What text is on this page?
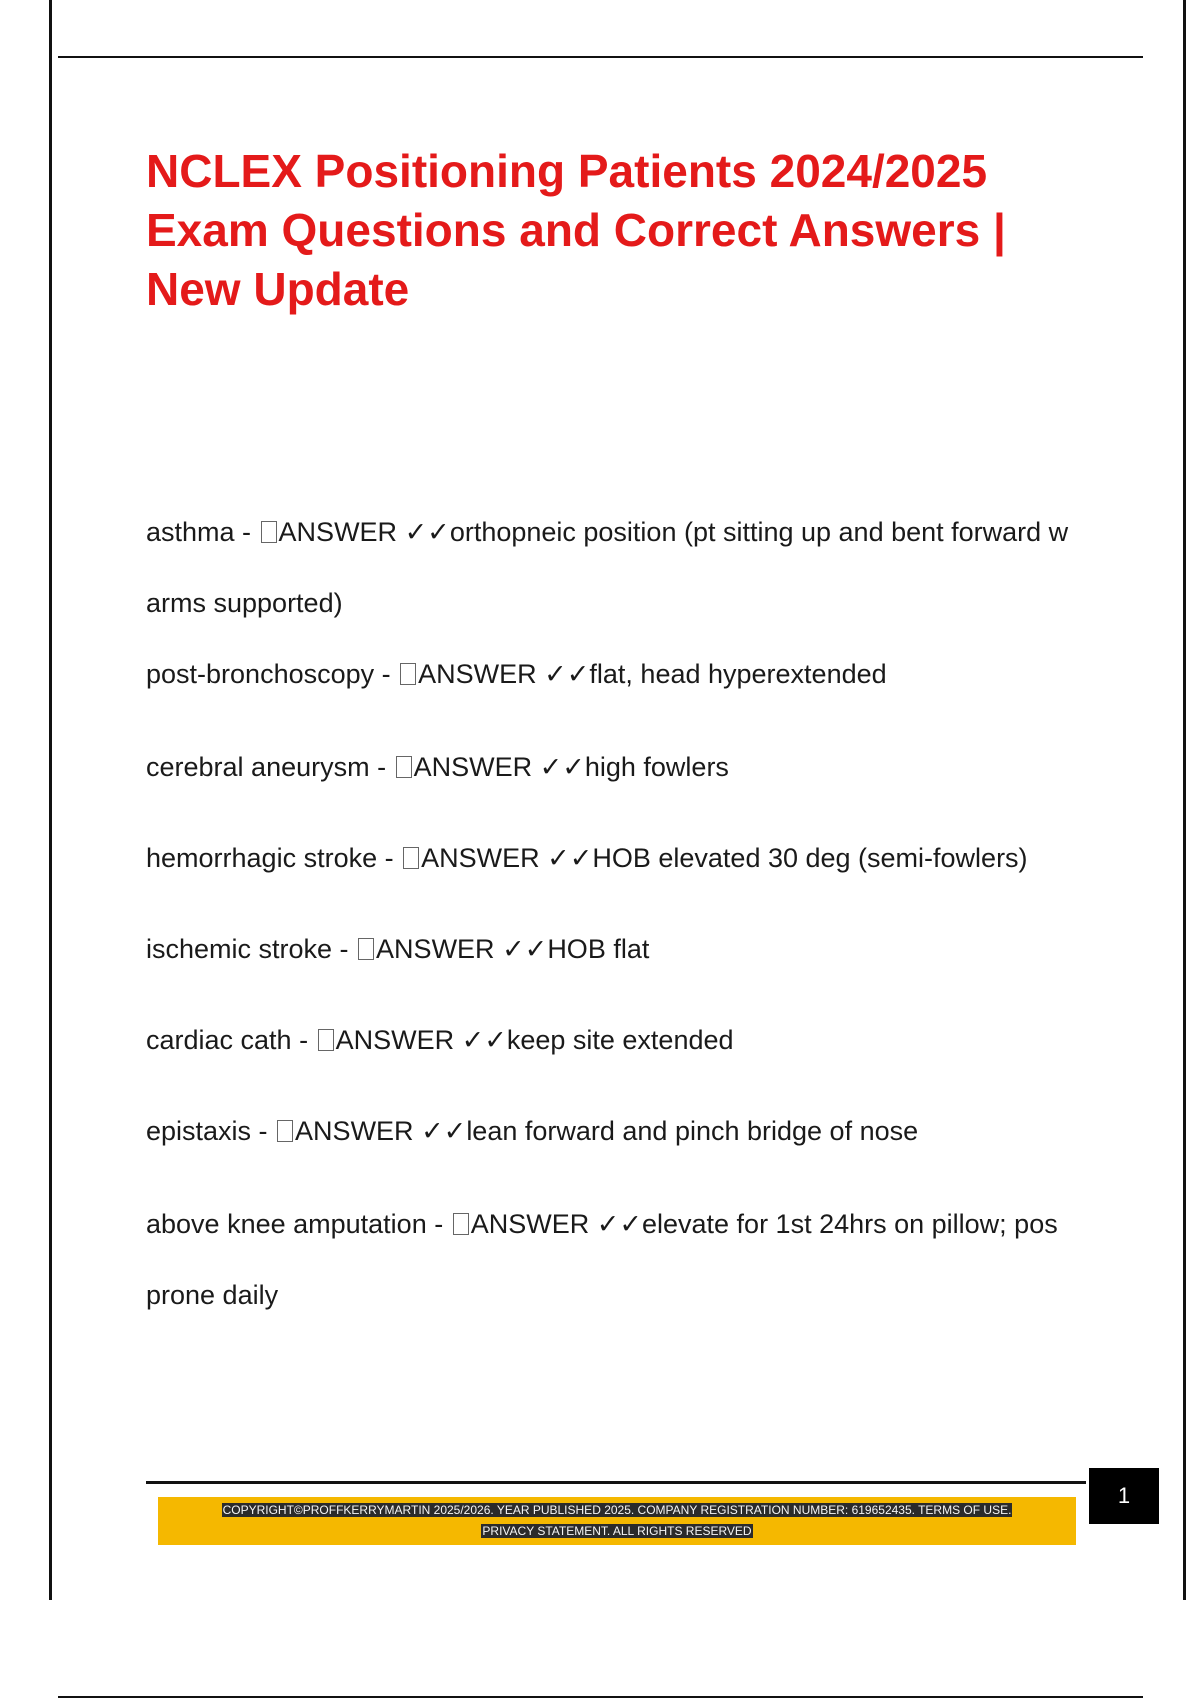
NCLEX Positioning Patients 2024/2025 Exam Questions and Correct Answers | New Update

asthma - ANSWER ✓✓orthopneic position (pt sitting up and bent forward w arms supported)

post-bronchoscopy - ANSWER ✓✓flat, head hyperextended

cerebral aneurysm - ANSWER ✓✓high fowlers

hemorrhagic stroke - ANSWER ✓✓HOB elevated 30 deg (semi-fowlers)

ischemic stroke - ANSWER ✓✓HOB flat

cardiac cath - ANSWER ✓✓keep site extended

epistaxis - ANSWER ✓✓lean forward and pinch bridge of nose

above knee amputation - ANSWER ✓✓elevate for 1st 24hrs on pillow; pos prone daily

1

COPYRIGHT©PROFFKERRYMARTIN 2025/2026. YEAR PUBLISHED 2025. COMPANY REGISTRATION NUMBER: 619652435. TERMS OF USE.
PRIVACY STATEMENT. ALL RIGHTS RESERVED
